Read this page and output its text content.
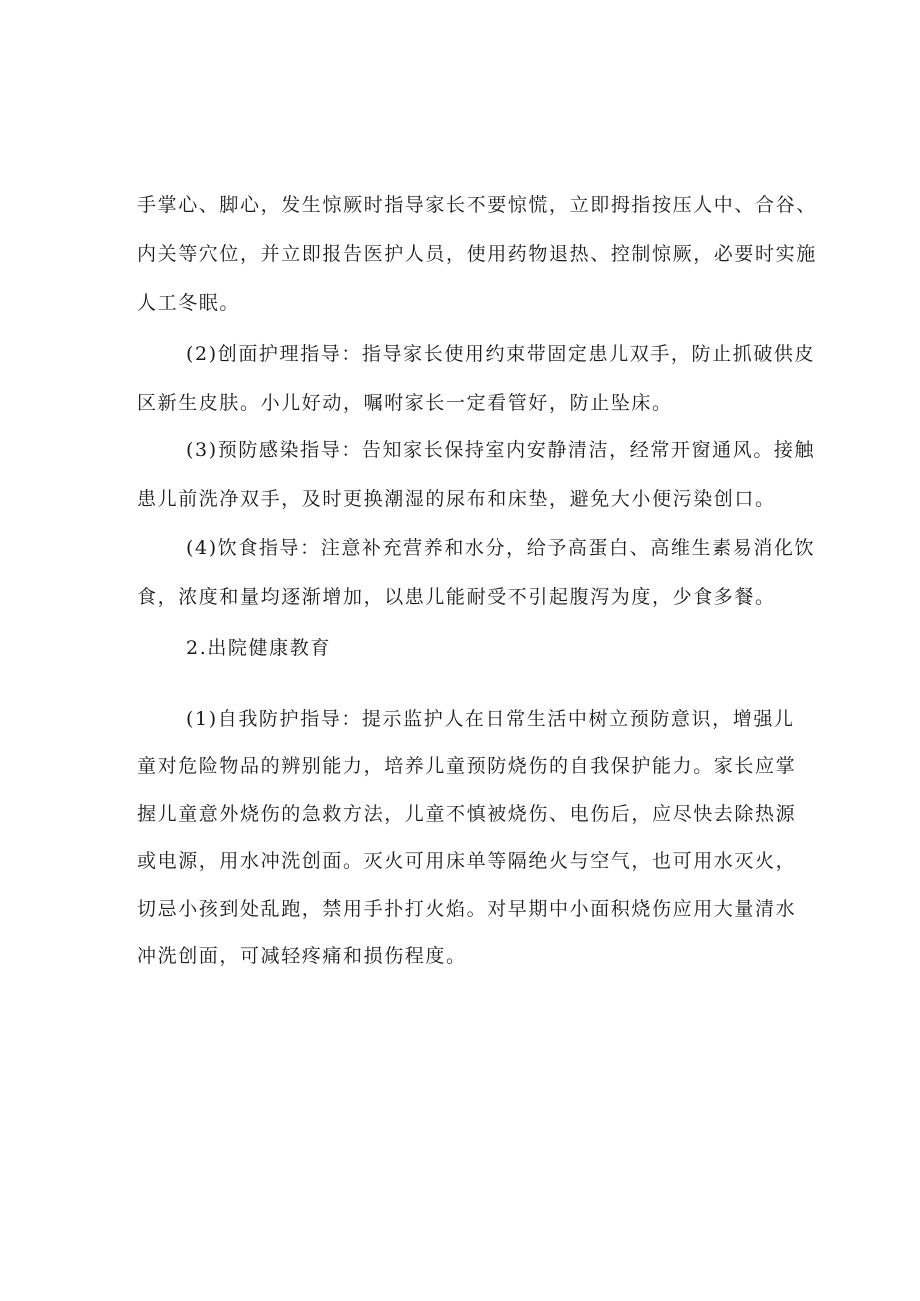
手掌心、脚心，发生惊厥时指导家长不要惊慌，立即拇指按压人中、合谷、
内关等穴位，并立即报告医护人员，使用药物退热、控制惊厥，必要时实施
人工冬眠。
(2)创面护理指导：指导家长使用约束带固定患儿双手，防止抓破供皮
区新生皮肤。小儿好动，嘱咐家长一定看管好，防止坠床。
(3)预防感染指导：告知家长保持室内安静清洁，经常开窗通风。接触
患儿前洗净双手，及时更换潮湿的尿布和床垫，避免大小便污染创口。
(4)饮食指导：注意补充营养和水分，给予高蛋白、高维生素易消化饮
食，浓度和量均逐渐增加，以患儿能耐受不引起腹泻为度，少食多餐。
2.出院健康教育
(1)自我防护指导：提示监护人在日常生活中树立预防意识，增强儿
童对危险物品的辨别能力，培养儿童预防烧伤的自我保护能力。家长应掌
握儿童意外烧伤的急救方法，儿童不慎被烧伤、电伤后，应尽快去除热源
或电源，用水冲洗创面。灭火可用床单等隔绝火与空气，也可用水灭火，
切忌小孩到处乱跑，禁用手扑打火焰。对早期中小面积烧伤应用大量清水
冲洗创面，可减轻疼痛和损伤程度。
